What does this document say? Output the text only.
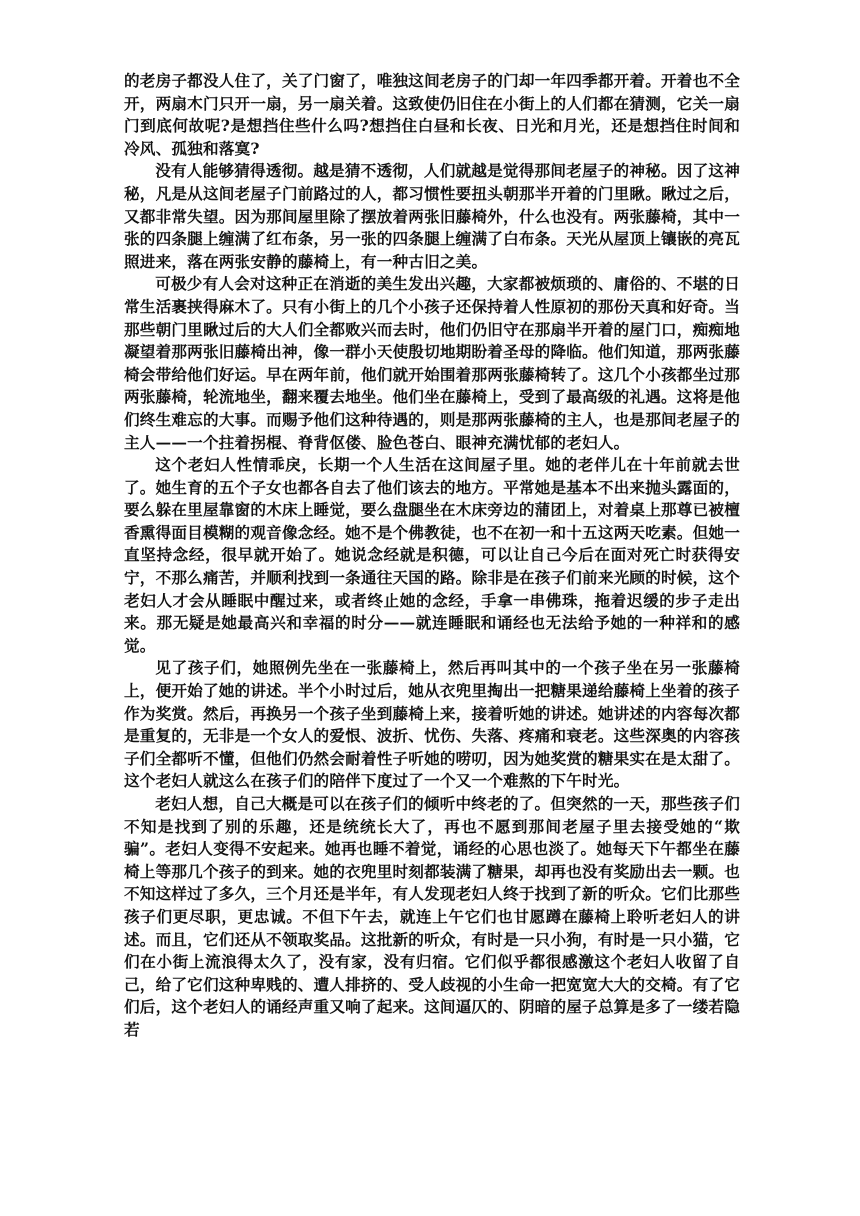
的老房子都没人住了，关了门窗了，唯独这间老房子的门却一年四季都开着。开着也不全开，两扇木门只开一扇，另一扇关着。这致使仍旧住在小街上的人们都在猜测，它关一扇门到底何故呢?是想挡住些什么吗?想挡住白昼和长夜、日光和月光，还是想挡住时间和冷风、孤独和落寞?

没有人能够猜得透彻。越是猜不透彻，人们就越是觉得那间老屋子的神秘。因了这神秘，凡是从这间老屋子门前路过的人，都习惯性要扭头朝那半开着的门里瞅。瞅过之后，又都非常失望。因为那间屋里除了摆放着两张旧藤椅外，什么也没有。两张藤椅，其中一张的四条腿上缠满了红布条，另一张的四条腿上缠满了白布条。天光从屋顶上镶嵌的亮瓦照进来，落在两张安静的藤椅上，有一种古旧之美。

可极少有人会对这种正在消逝的美生发出兴趣，大家都被烦琐的、庸俗的、不堪的日常生活裹挟得麻木了。只有小街上的几个小孩子还保持着人性原初的那份天真和好奇。当那些朝门里瞅过后的大人们全都败兴而去时，他们仍旧守在那扇半开着的屋门口，痴痴地凝望着那两张旧藤椅出神，像一群小天使殷切地期盼着圣母的降临。他们知道，那两张藤椅会带给他们好运。早在两年前，他们就开始围着那两张藤椅转了。这几个小孩都坐过那两张藤椅，轮流地坐，翻来覆去地坐。他们坐在藤椅上，受到了最高级的礼遇。这将是他们终生难忘的大事。而赐予他们这种待遇的，则是那两张藤椅的主人，也是那间老屋子的主人——一个拄着拐棍、脊背伛偻、脸色苍白、眼神充满忧郁的老妇人。

这个老妇人性情乖戾，长期一个人生活在这间屋子里。她的老伴儿在十年前就去世了。她生育的五个子女也都各自去了他们该去的地方。平常她是基本不出来抛头露面的，要么躲在里屋靠窗的木床上睡觉，要么盘腿坐在木床旁边的蒲团上，对着桌上那尊已被檀香熏得面目模糊的观音像念经。她不是个佛教徒，也不在初一和十五这两天吃素。但她一直坚持念经，很早就开始了。她说念经就是积德，可以让自己今后在面对死亡时获得安宁，不那么痛苦，并顺利找到一条通往天国的路。除非是在孩子们前来光顾的时候，这个老妇人才会从睡眠中醒过来，或者终止她的念经，手拿一串佛珠，拖着迟缓的步子走出来。那无疑是她最高兴和幸福的时分——就连睡眠和诵经也无法给予她的一种祥和的感觉。

见了孩子们，她照例先坐在一张藤椅上，然后再叫其中的一个孩子坐在另一张藤椅上，便开始了她的讲述。半个小时过后，她从衣兜里掏出一把糖果递给藤椅上坐着的孩子作为奖赏。然后，再换另一个孩子坐到藤椅上来，接着听她的讲述。她讲述的内容每次都是重复的，无非是一个女人的爱恨、波折、忧伤、失落、疼痛和衰老。这些深奥的内容孩子们全都听不懂，但他们仍然会耐着性子听她的唠叨，因为她奖赏的糖果实在是太甜了。这个老妇人就这么在孩子们的陪伴下度过了一个又一个难熬的下午时光。

老妇人想，自己大概是可以在孩子们的倾听中终老的了。但突然的一天，那些孩子们不知是找到了别的乐趣，还是统统长大了，再也不愿到那间老屋子里去接受她的“欺骗”。老妇人变得不安起来。她再也睡不着觉，诵经的心思也淡了。她每天下午都坐在藤椅上等那几个孩子的到来。她的衣兜里时刻都装满了糖果，却再也没有奖励出去一颗。也不知这样过了多久，三个月还是半年，有人发现老妇人终于找到了新的听众。它们比那些孩子们更尽职，更忠诚。不但下午去，就连上午它们也甘愿蹲在藤椅上聆听老妇人的讲述。而且，它们还从不领取奖品。这批新的听众，有时是一只小狗，有时是一只小猫，它们在小街上流浪得太久了，没有家，没有归宿。它们似乎都很感激这个老妇人收留了自己，给了它们这种卑贱的、遭人排挤的、受人歧视的小生命一把宽宽大大的交椅。有了它们后，这个老妇人的诵经声重又响了起来。这间逼仄的、阴暗的屋子总算是多了一缕若隐若
